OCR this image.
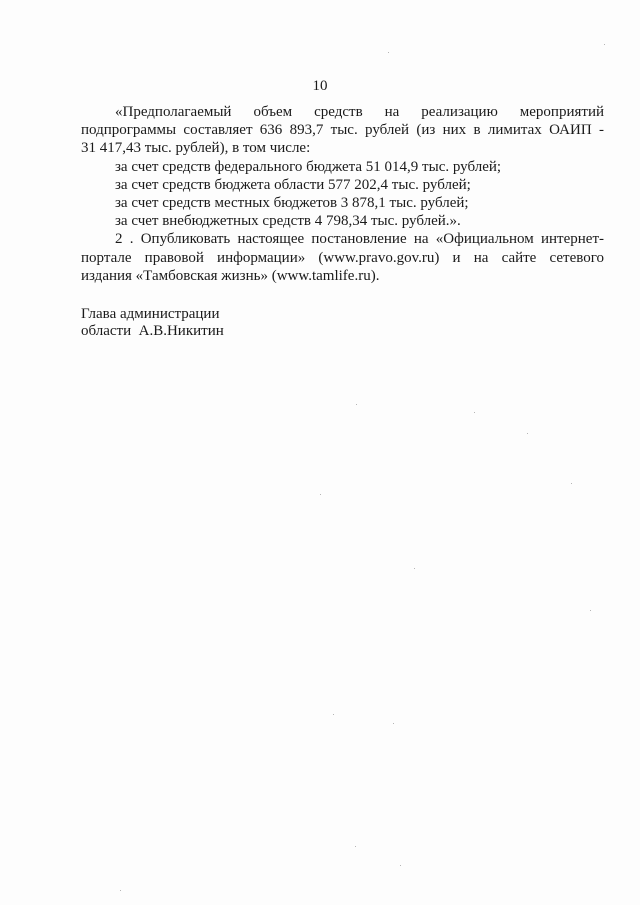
10
«Предполагаемый объем средств на реализацию мероприятий
подпрограммы составляет 636 893,7 тыс. рублей (из них в лимитах ОАИП -
31 417,43 тыс. рублей), в том числе:
за счет средств федерального бюджета 51 014,9 тыс. рублей;
за счет средств бюджета области 577 202,4 тыс. рублей;
за счет средств местных бюджетов 3 878,1 тыс. рублей;
за счет внебюджетных средств 4 798,34 тыс. рублей.».
2 . Опубликовать настоящее постановление на «Официальном интернет-
портале правовой информации» (www.pravo.gov.ru) и на сайте сетевого
издания «Тамбовская жизнь» (www.tamlife.ru).
Глава администрации
области  А.В.Никитин
